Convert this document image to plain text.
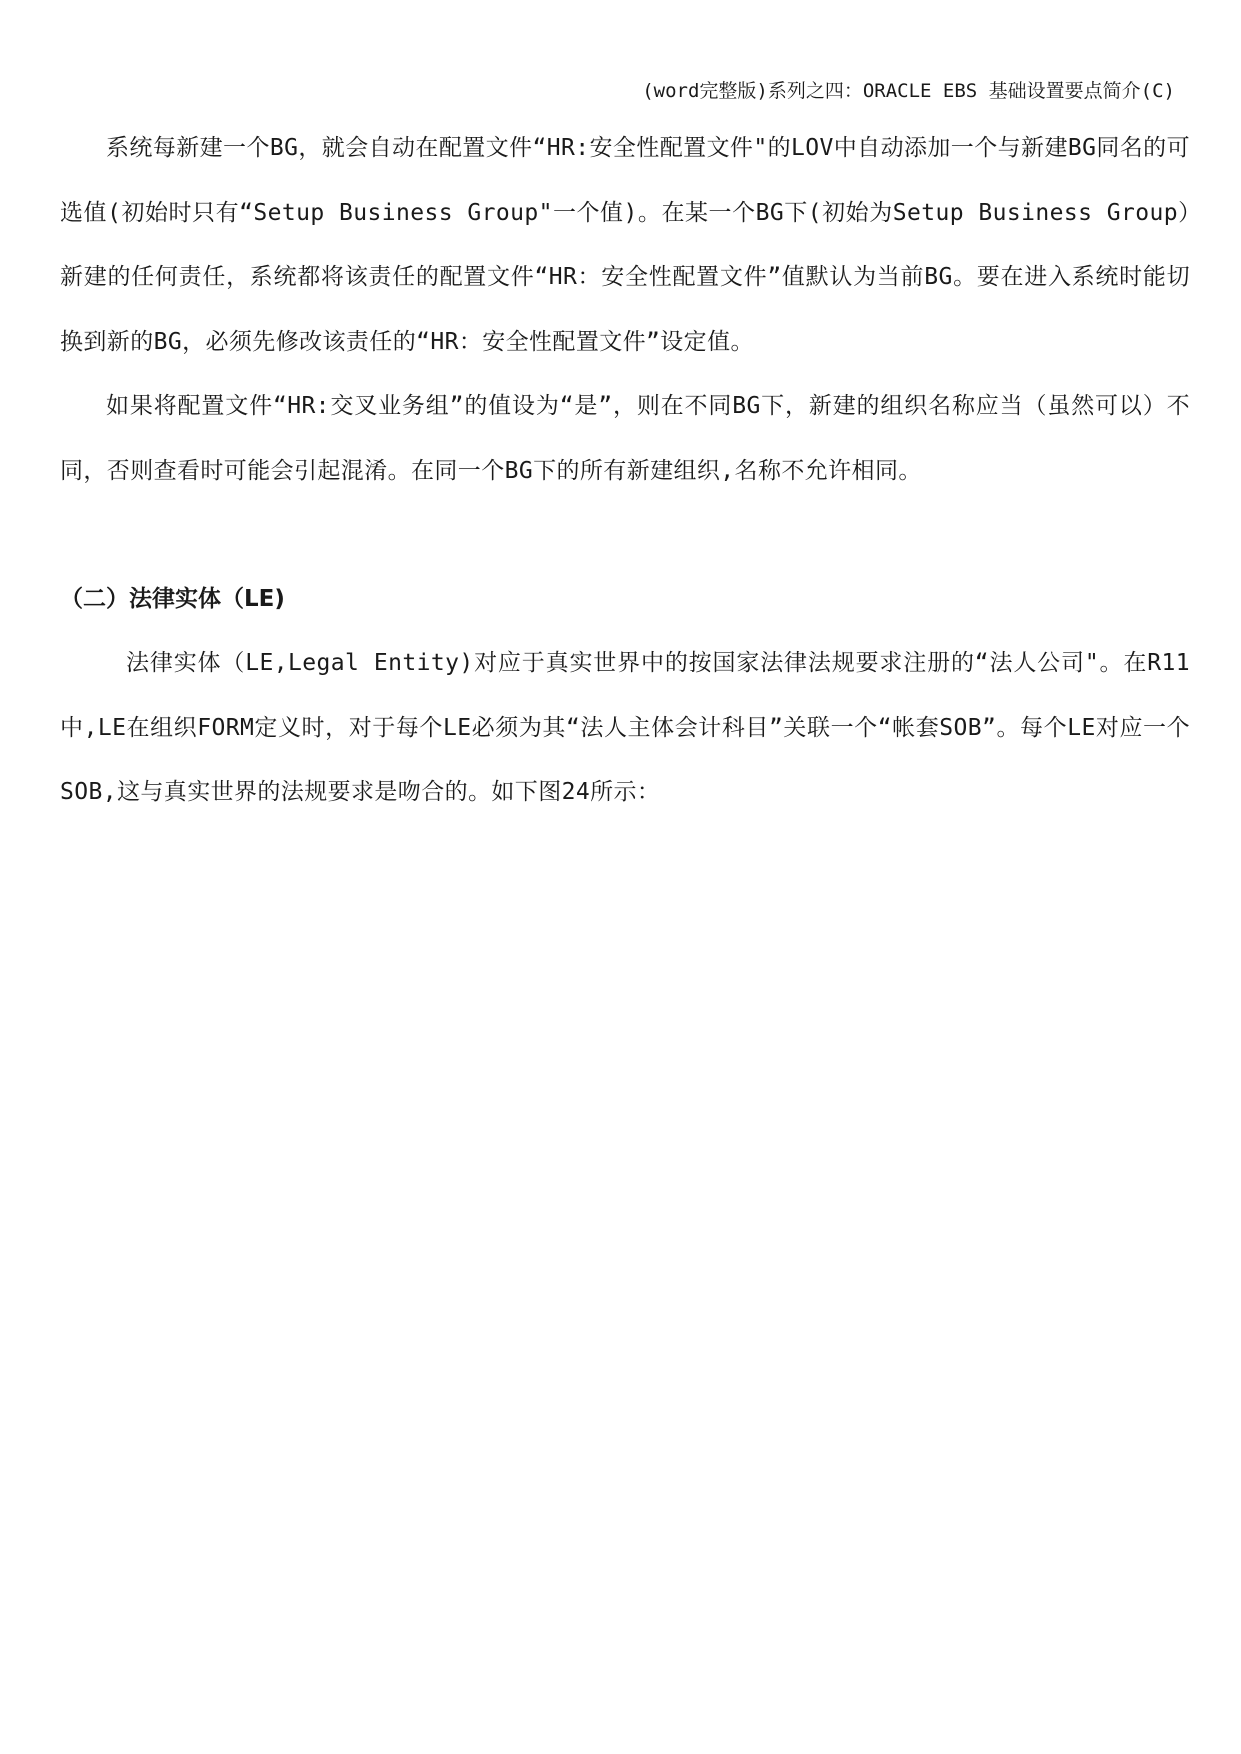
(word完整版)系列之四：ORACLE EBS 基础设置要点简介(C)

系统每新建一个BG，就会自动在配置文件“HR:安全性配置文件"的LOV中自动添加一个与新建BG同名的可选值(初始时只有“Setup Business Group"一个值)。在某一个BG下(初始为Setup Business Group）新建的任何责任，系统都将该责任的配置文件“HR：安全性配置文件”值默认为当前BG。要在进入系统时能切换到新的BG，必须先修改该责任的“HR：安全性配置文件”设定值。

如果将配置文件“HR:交叉业务组”的值设为“是”，则在不同BG下，新建的组织名称应当（虽然可以）不同，否则查看时可能会引起混淆。在同一个BG下的所有新建组织,名称不允许相同。

（二）法律实体（LE)

法律实体（LE,Legal Entity)对应于真实世界中的按国家法律法规要求注册的“法人公司"。在R11中,LE在组织FORM定义时，对于每个LE必须为其“法人主体会计科目”关联一个“帐套SOB”。每个LE对应一个SOB,这与真实世界的法规要求是吻合的。如下图24所示：
